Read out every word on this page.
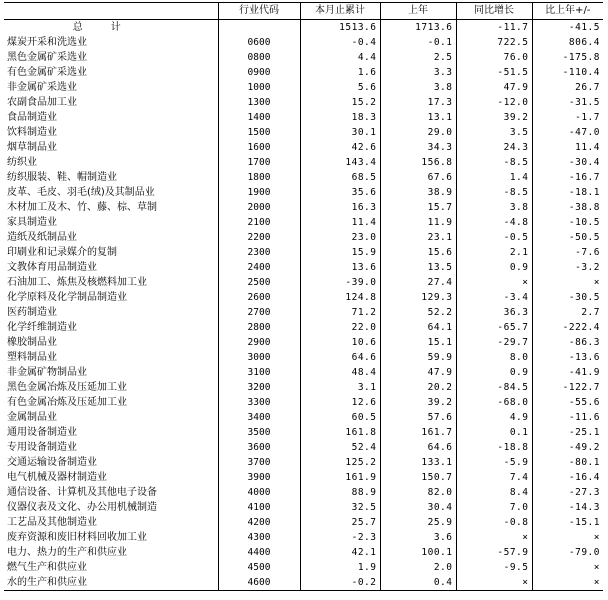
	行业代码	本月止累计	上年	同比增长	比上年+/-
总计		1513.6	1713.6	-11.7	-41.5
煤炭开采和洗选业	0600	-0.4	-0.1	722.5	806.4
黑色金属矿采选业	0800	4.4	2.5	76.0	-175.8
有色金属矿采选业	0900	1.6	3.3	-51.5	-110.4
非金属矿采选业	1000	5.6	3.8	47.9	26.7
农副食品加工业	1300	15.2	17.3	-12.0	-31.5
食品制造业	1400	18.3	13.1	39.2	-1.7
饮料制造业	1500	30.1	29.0	3.5	-47.0
烟草制品业	1600	42.6	34.3	24.3	11.4
纺织业	1700	143.4	156.8	-8.5	-30.4
纺织服装、鞋、帽制造业	1800	68.5	67.6	1.4	-16.7
皮革、毛皮、羽毛(绒)及其制品业	1900	35.6	38.9	-8.5	-18.1
木材加工及木、竹、藤、棕、草制	2000	16.3	15.7	3.8	-38.8
家具制造业	2100	11.4	11.9	-4.8	-10.5
造纸及纸制品业	2200	23.0	23.1	-0.5	-50.5
印刷业和记录媒介的复制	2300	15.9	15.6	2.1	-7.6
文教体育用品制造业	2400	13.6	13.5	0.9	-3.2
石油加工、炼焦及核燃料加工业	2500	-39.0	27.4	×	×
化学原料及化学制品制造业	2600	124.8	129.3	-3.4	-30.5
医药制造业	2700	71.2	52.2	36.3	2.7
化学纤维制造业	2800	22.0	64.1	-65.7	-222.4
橡胶制品业	2900	10.6	15.1	-29.7	-86.3
塑料制品业	3000	64.6	59.9	8.0	-13.6
非金属矿物制品业	3100	48.4	47.9	0.9	-41.9
黑色金属冶炼及压延加工业	3200	3.1	20.2	-84.5	-122.7
有色金属冶炼及压延加工业	3300	12.6	39.2	-68.0	-55.6
金属制品业	3400	60.5	57.6	4.9	-11.6
通用设备制造业	3500	161.8	161.7	0.1	-25.1
专用设备制造业	3600	52.4	64.6	-18.8	-49.2
交通运输设备制造业	3700	125.2	133.1	-5.9	-80.1
电气机械及器材制造业	3900	161.9	150.7	7.4	-16.4
通信设备、计算机及其他电子设备	4000	88.9	82.0	8.4	-27.3
仪器仪表及文化、办公用机械制造	4100	32.5	30.4	7.0	-14.3
工艺品及其他制造业	4200	25.7	25.9	-0.8	-15.1
废弃资源和废旧材料回收加工业	4300	-2.3	3.6	×	×
电力、热力的生产和供应业	4400	42.1	100.1	-57.9	-79.0
燃气生产和供应业	4500	1.9	2.0	-9.5	×
水的生产和供应业	4600	-0.2	0.4	×	×
